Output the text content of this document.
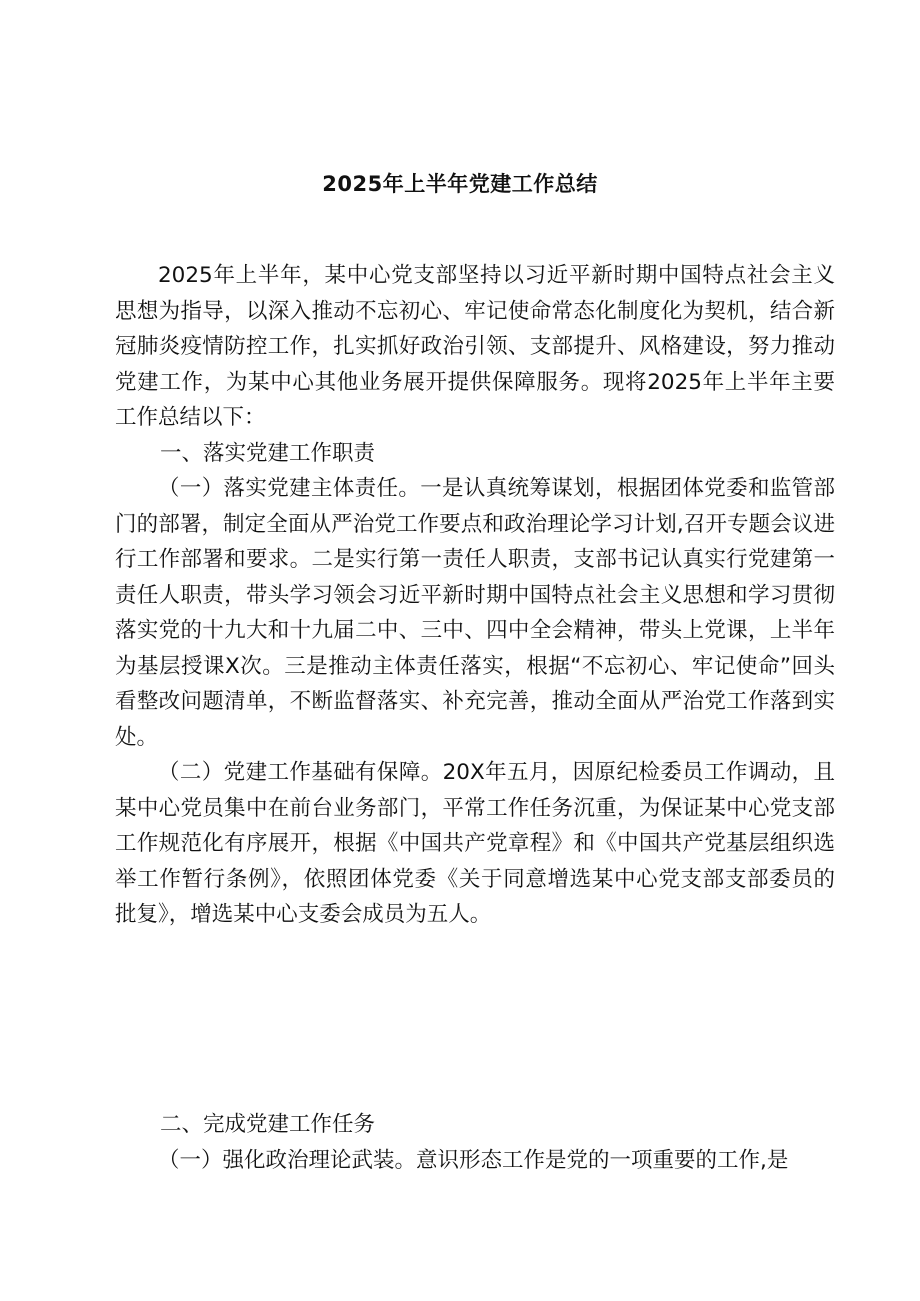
2025年上半年党建工作总结

2025年上半年，某中心党支部坚持以习近平新时期中国特点社会主义思想为指导，以深入推动不忘初心、牢记使命常态化制度化为契机，结合新冠肺炎疫情防控工作，扎实抓好政治引领、支部提升、风格建设，努力推动党建工作，为某中心其他业务展开提供保障服务。现将2025年上半年主要工作总结以下：

一、落实党建工作职责

（一）落实党建主体责任。一是认真统筹谋划，根据团体党委和监管部门的部署，制定全面从严治党工作要点和政治理论学习计划,召开专题会议进行工作部署和要求。二是实行第一责任人职责，支部书记认真实行党建第一责任人职责，带头学习领会习近平新时期中国特点社会主义思想和学习贯彻落实党的十九大和十九届二中、三中、四中全会精神，带头上党课，上半年为基层授课X次。三是推动主体责任落实，根据“不忘初心、牢记使命”回头看整改问题清单，不断监督落实、补充完善，推动全面从严治党工作落到实处。

（二）党建工作基础有保障。20X年五月，因原纪检委员工作调动，且某中心党员集中在前台业务部门，平常工作任务沉重，为保证某中心党支部工作规范化有序展开，根据《中国共产党章程》和《中国共产党基层组织选举工作暂行条例》，依照团体党委《关于同意增选某中心党支部支部委员的批复》，增选某中心支委会成员为五人。

二、完成党建工作任务

（一）强化政治理论武装。意识形态工作是党的一项重要的工作,是
